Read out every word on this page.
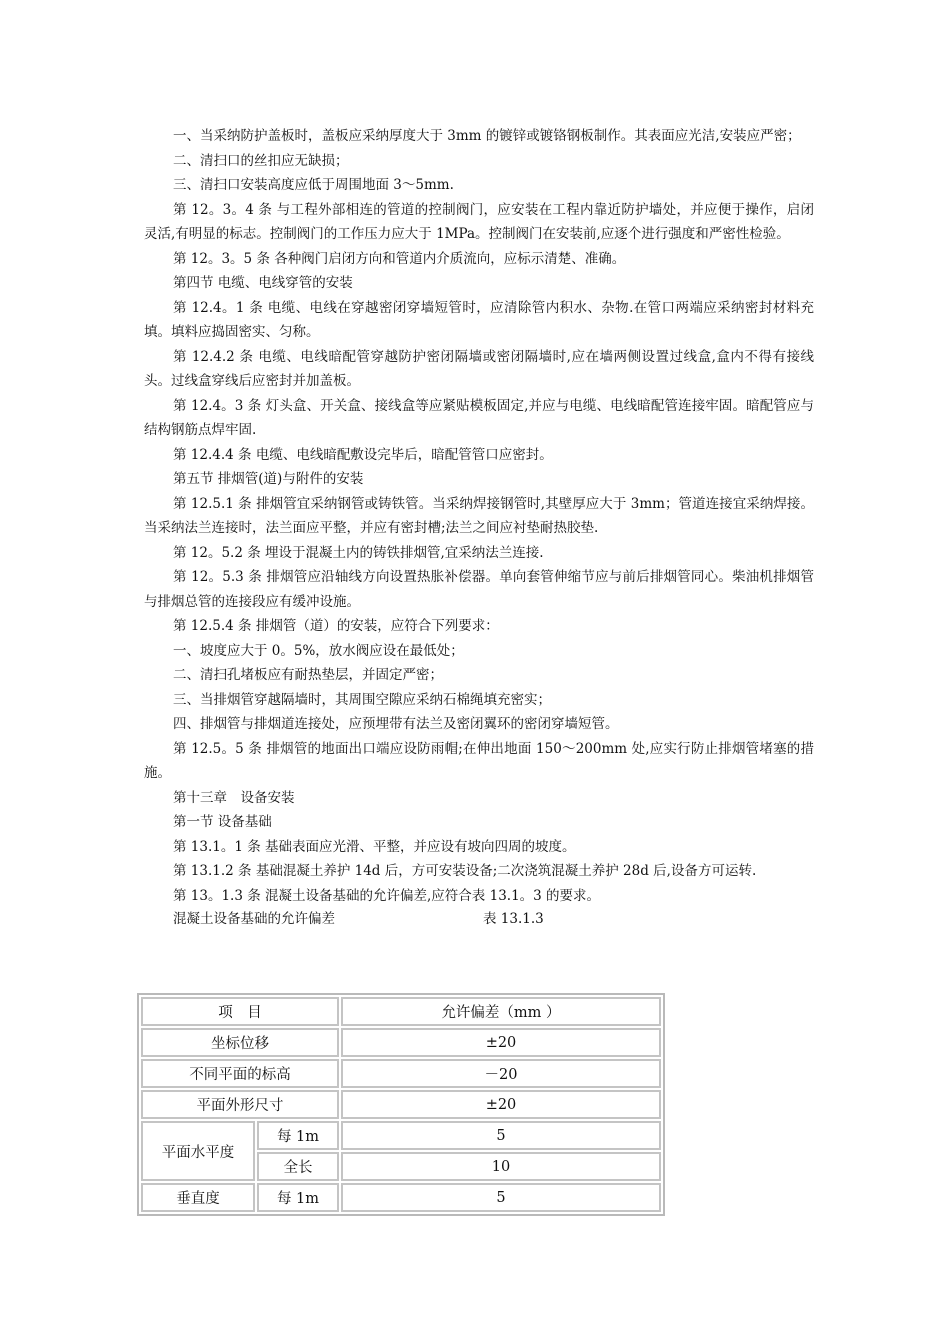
一、当采纳防护盖板时，盖板应采纳厚度大于 3mm 的镀锌或镀铬钢板制作。其表面应光洁,安装应严密；

二、清扫口的丝扣应无缺损；

三、清扫口安装高度应低于周围地面 3～5mm.

第 12。3。4 条 与工程外部相连的管道的控制阀门，应安装在工程内靠近防护墙处，并应便于操作，启闭灵活,有明显的标志。控制阀门的工作压力应大于 1MPa。控制阀门在安装前,应逐个进行强度和严密性检验。

第 12。3。5 条 各种阀门启闭方向和管道内介质流向，应标示清楚、准确。

第四节 电缆、电线穿管的安装

第 12.4。1 条 电缆、电线在穿越密闭穿墙短管时，应清除管内积水、杂物.在管口两端应采纳密封材料充填。填料应捣固密实、匀称。

第 12.4.2 条 电缆、电线暗配管穿越防护密闭隔墙或密闭隔墙时,应在墙两侧设置过线盒,盒内不得有接线头。过线盒穿线后应密封并加盖板。

第 12.4。3 条 灯头盒、开关盒、接线盒等应紧贴模板固定,并应与电缆、电线暗配管连接牢固。暗配管应与结构钢筋点焊牢固.

第 12.4.4 条 电缆、电线暗配敷设完毕后，暗配管管口应密封。

第五节 排烟管(道)与附件的安装

第 12.5.1 条 排烟管宜采纳钢管或铸铁管。当采纳焊接钢管时,其壁厚应大于 3mm；管道连接宜采纳焊接。当采纳法兰连接时，法兰面应平整，并应有密封槽;法兰之间应衬垫耐热胶垫.

第 12。5.2 条 埋设于混凝土内的铸铁排烟管,宜采纳法兰连接.

第 12。5.3 条 排烟管应沿轴线方向设置热胀补偿器。单向套管伸缩节应与前后排烟管同心。柴油机排烟管与排烟总管的连接段应有缓冲设施。

第 12.5.4 条 排烟管（道）的安装，应符合下列要求：

一、坡度应大于 0。5%，放水阀应设在最低处；

二、清扫孔堵板应有耐热垫层，并固定严密；

三、当排烟管穿越隔墙时，其周围空隙应采纳石棉绳填充密实；

四、排烟管与排烟道连接处，应预埋带有法兰及密闭翼环的密闭穿墙短管。

第 12.5。5 条 排烟管的地面出口端应设防雨帽;在伸出地面 150～200mm 处,应实行防止排烟管堵塞的措施。

第十三章　设备安装

第一节 设备基础

第 13.1。1 条 基础表面应光滑、平整，并应设有坡向四周的坡度。

第 13.1.2 条 基础混凝土养护 14d 后，方可安装设备;二次浇筑混凝土养护 28d 后,设备方可运转.

第 13。1.3 条 混凝土设备基础的允许偏差,应符合表 13.1。3 的要求。

混凝土设备基础的允许偏差	表 13.1.3

项　目		允许偏差（mm ）
坐标位移		±20
不同平面的标高		－20
平面外形尺寸		±20
平面水平度	每 1m	5
	全长	10
垂直度	每 1m	5
